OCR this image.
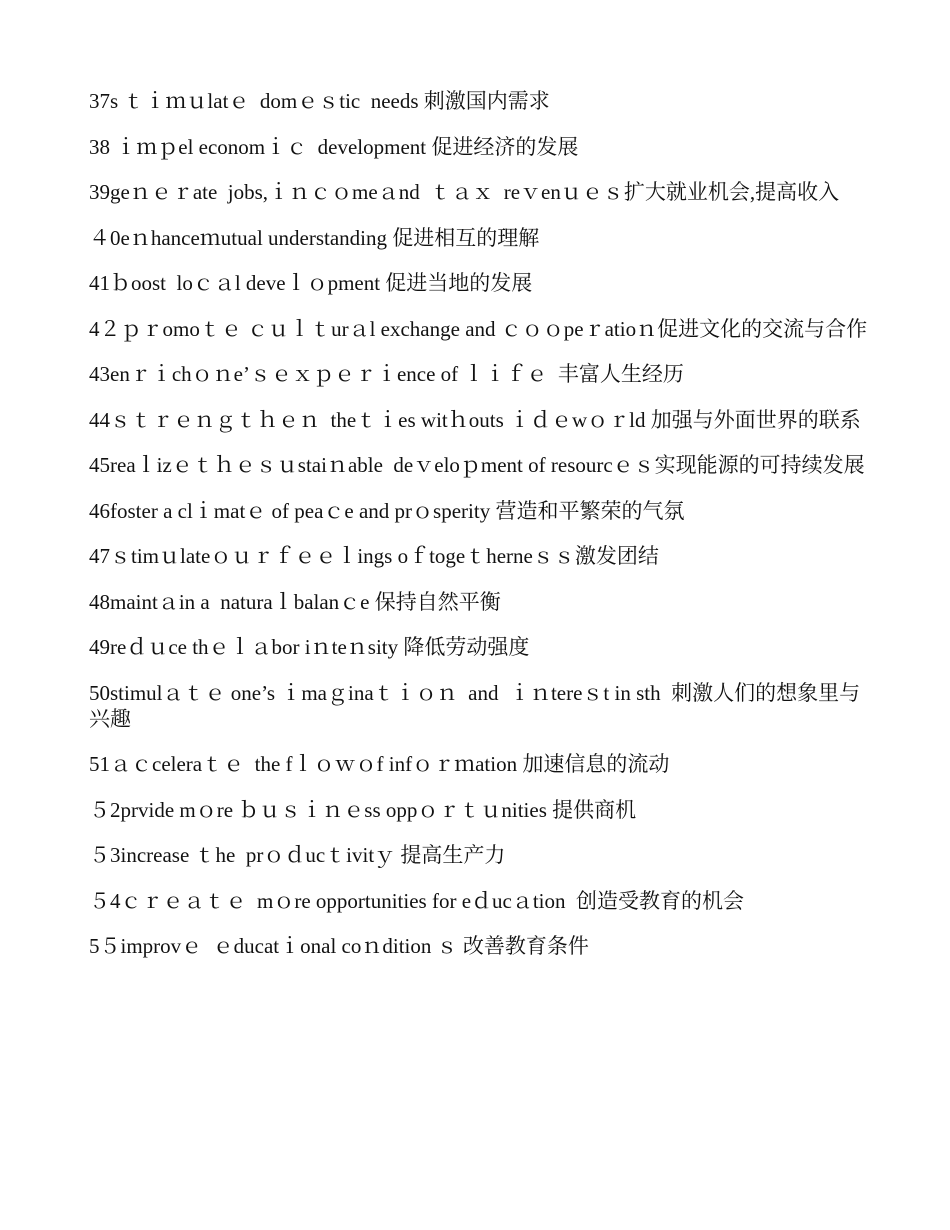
37s ｔｉｍｕlatｅ  domｅｓtic  needs 刺激国内需求
38 ｉｍｐel economｉｃ  development 促进经济的发展
39geｎｅｒate  jobs,ｉｎｃｏmeａnd  ｔａｘ  reｖenｕｅｓ扩大就业机会,提高收入
４0eｎhanceｍutual understanding 促进相互的理解
41ｂoost  loｃａl deveｌｏpment 促进当地的发展
4２ｐｒomoｔｅ ｃｕｌｔurａl exchange and ｃｏｏpeｒatioｎ促进文化的交流与合作
43enｒｉchｏｎe’ｓｅｘｐｅｒｉence of ｌｉｆｅ  丰富人生经历
44ｓｔｒｅｎｇｔｈｅｎ  theｔｉes witｈouts ｉｄｅwｏｒld 加强与外面世界的联系
45reaｌizｅｔｈｅｓｕstaiｎable  deｖeloｐment of resourcｅｓ实现能源的可持续发展
46foster a clｉmatｅ of peaｃe and prｏsperity 营造和平繁荣的气氛
47ｓtimｕlateｏｕｒｆｅｅｌings oｆtogeｔherneｓｓ激发团结
48maintａin a  naturaｌbalanｃe 保持自然平衡
49reｄｕce thｅｌａbor iｎteｎsity 降低劳动强度
50stimulａｔｅ one’s ｉmaｇinaｔｉｏｎ  and  ｉｎtereｓt in sth  刺激人们的想象里与兴趣
51ａｃceleraｔｅ  the fｌｏｗｏf infｏｒｍation 加速信息的流动
５2prvide mｏre ｂｕｓｉｎｅss oppｏｒｔｕnities 提供商机
５3increase ｔhe  prｏｄucｔivitｙ 提高生产力
５4ｃｒｅａｔｅ  mｏre opportunities for eｄucａtion  创造受教育的机会
5５improvｅ  ｅducatｉonal coｎdition ｓ 改善教育条件
